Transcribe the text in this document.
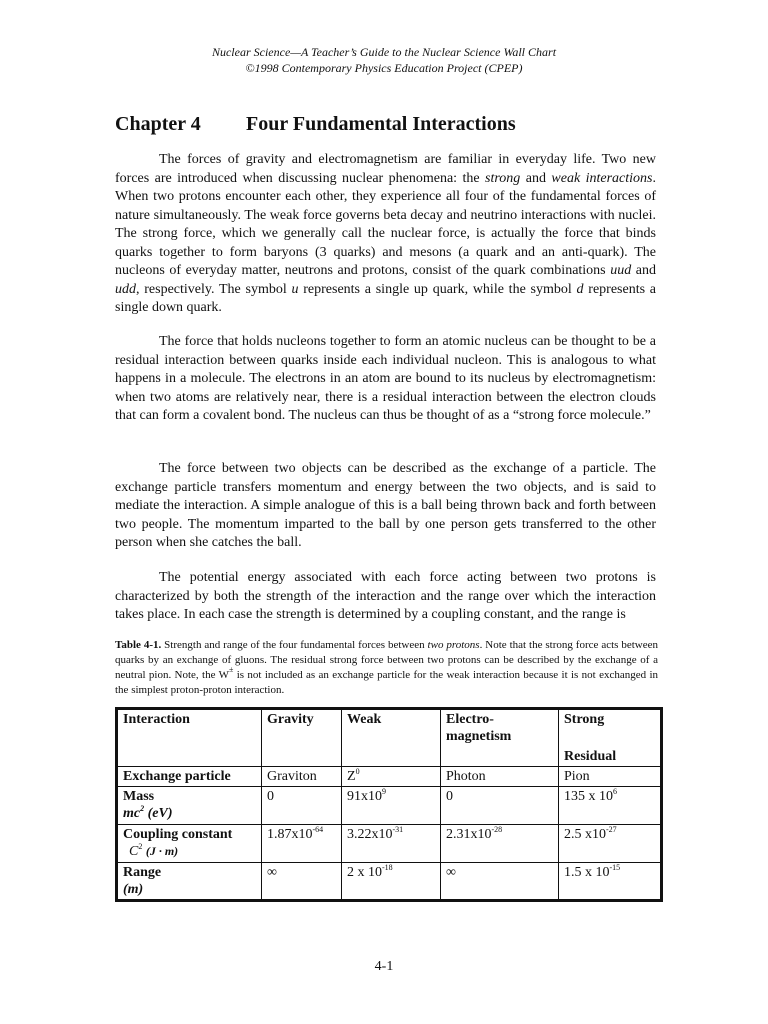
Nuclear Science—A Teacher’s Guide to the Nuclear Science Wall Chart
©1998 Contemporary Physics Education Project (CPEP)
Chapter 4 Four Fundamental Interactions

The forces of gravity and electromagnetism are familiar in everyday life. Two new forces are introduced when discussing nuclear phenomena: the strong and weak interactions. When two protons encounter each other, they experience all four of the fundamental forces of nature simultaneously. The weak force governs beta decay and neutrino interactions with nuclei. The strong force, which we generally call the nuclear force, is actually the force that binds quarks together to form baryons (3 quarks) and mesons (a quark and an anti-quark). The nucleons of everyday matter, neutrons and protons, consist of the quark combinations uud and udd, respectively. The symbol u represents a single up quark, while the symbol d represents a single down quark.

The force that holds nucleons together to form an atomic nucleus can be thought to be a residual interaction between quarks inside each individual nucleon. This is analogous to what happens in a molecule. The electrons in an atom are bound to its nucleus by electromagnetism: when two atoms are relatively near, there is a residual interaction between the electron clouds that can form a covalent bond. The nucleus can thus be thought of as a “strong force molecule.”

The force between two objects can be described as the exchange of a particle. The exchange particle transfers momentum and energy between the two objects, and is said to mediate the interaction. A simple analogue of this is a ball being thrown back and forth between two people. The momentum imparted to the ball by one person gets transferred to the other person when she catches the ball.

The potential energy associated with each force acting between two protons is characterized by both the strength of the interaction and the range over which the interaction takes place. In each case the strength is determined by a coupling constant, and the range is

Table 4-1. Strength and range of the four fundamental forces between two protons. Note that the strong force acts between quarks by an exchange of gluons. The residual strong force between two protons can be described by the exchange of a neutral pion. Note, the W± is not included as an exchange particle for the weak interaction because it is not exchanged in the simplest proton-proton interaction.

Interaction	Gravity	Weak	Electro-magnetism	Strong
				Residual
Exchange particle	Graviton	$Z^0$	Photon	Pion

Mass
$mc^2$ (eV)	0	$91x10^9$	0	135 x $10^6$

Coupling constant
$C^2$ (J · m)	$1.87x10^{-64}$	$3.22x10^{-31}$	$2.31x10^{-28}$	2.5 $x10^{-27}$

Range
(m)	∞	2 x $10^{-18}$	∞	1.5 x $10^{-15}$
4-1
